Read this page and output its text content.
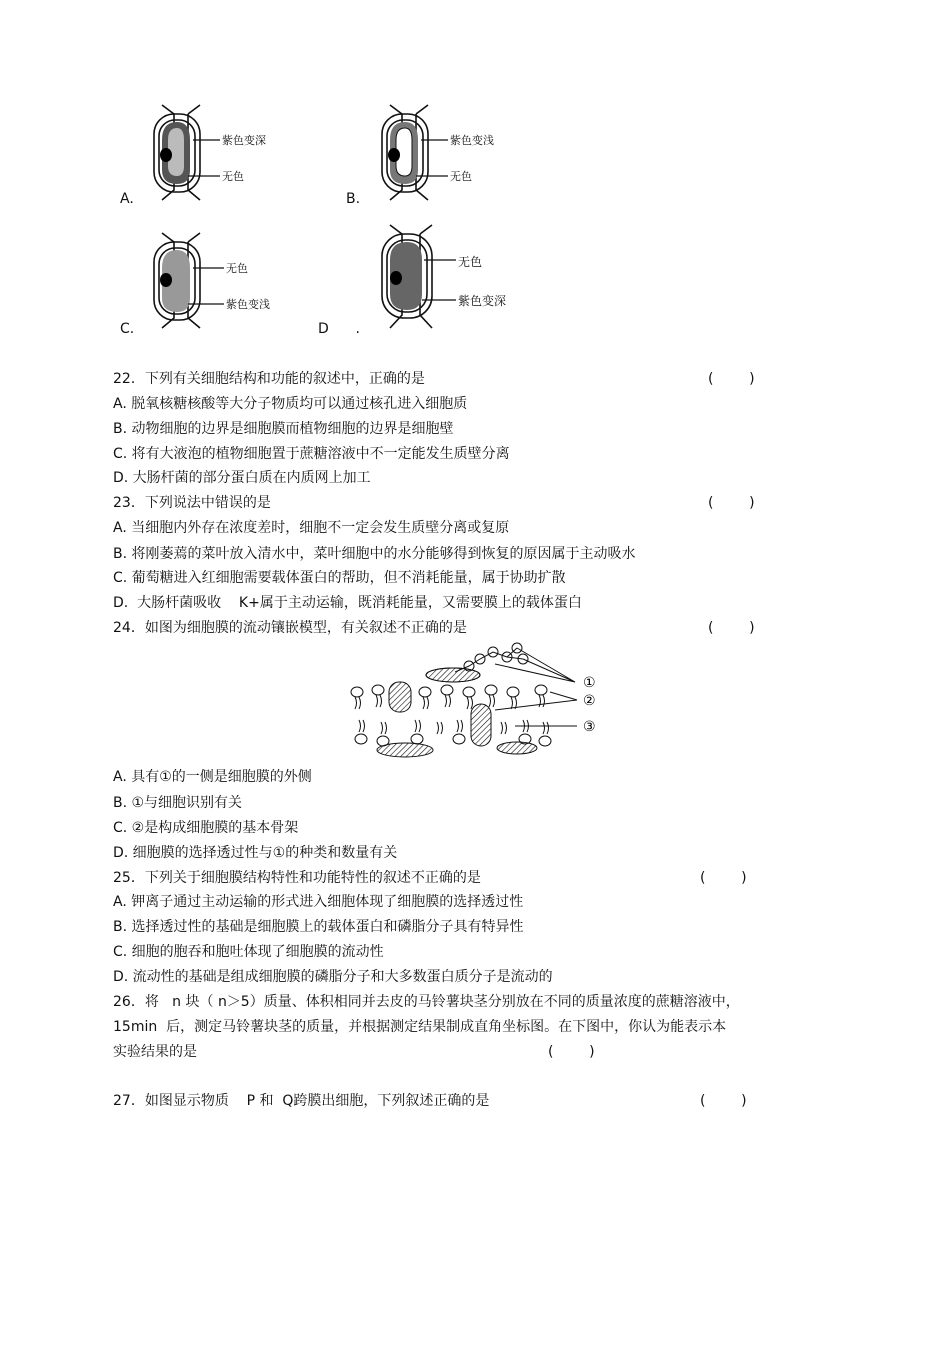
紫色变深
无色
A.
紫色变浅
无色
B.
无色
紫色变浅
C.
无色
紫色变深
D      .
22．下列有关细胞结构和功能的叙述中，正确的是	(        )
A. 脱氧核糖核酸等大分子物质均可以通过核孔进入细胞质
B. 动物细胞的边界是细胞膜而植物细胞的边界是细胞壁
C. 将有大液泡的植物细胞置于蔗糖溶液中不一定能发生质壁分离
D. 大肠杆菌的部分蛋白质在内质网上加工
23．下列说法中错误的是	(        )
A. 当细胞内外存在浓度差时，细胞不一定会发生质壁分离或复原
B. 将刚萎蔫的菜叶放入清水中，菜叶细胞中的水分能够得到恢复的原因属于主动吸水
C. 葡萄糖进入红细胞需要载体蛋白的帮助，但不消耗能量，属于协助扩散
D.  大肠杆菌吸收    K+属于主动运输，既消耗能量，又需要膜上的载体蛋白
24．如图为细胞膜的流动镶嵌模型，有关叙述不正确的是	(        )
①
②
③
A. 具有①的一侧是细胞膜的外侧
B. ①与细胞识别有关
C. ②是构成细胞膜的基本骨架
D. 细胞膜的选择透过性与①的种类和数量有关
25．下列关于细胞膜结构特性和功能特性的叙述不正确的是	(        )
A. 钾离子通过主动运输的形式进入细胞体现了细胞膜的选择透过性
B. 选择透过性的基础是细胞膜上的载体蛋白和磷脂分子具有特异性
C. 细胞的胞吞和胞吐体现了细胞膜的流动性
D. 流动性的基础是组成细胞膜的磷脂分子和大多数蛋白质分子是流动的
26．将   n 块（ n＞5）质量、体积相同并去皮的马铃薯块茎分别放在不同的质量浓度的蔗糖溶液中，
15min  后，测定马铃薯块茎的质量，并根据测定结果制成直角坐标图。在下图中，你认为能表示本
实验结果的是	(        )
27．如图显示物质    P 和  Q跨膜出细胞，下列叙述正确的是	(        )
